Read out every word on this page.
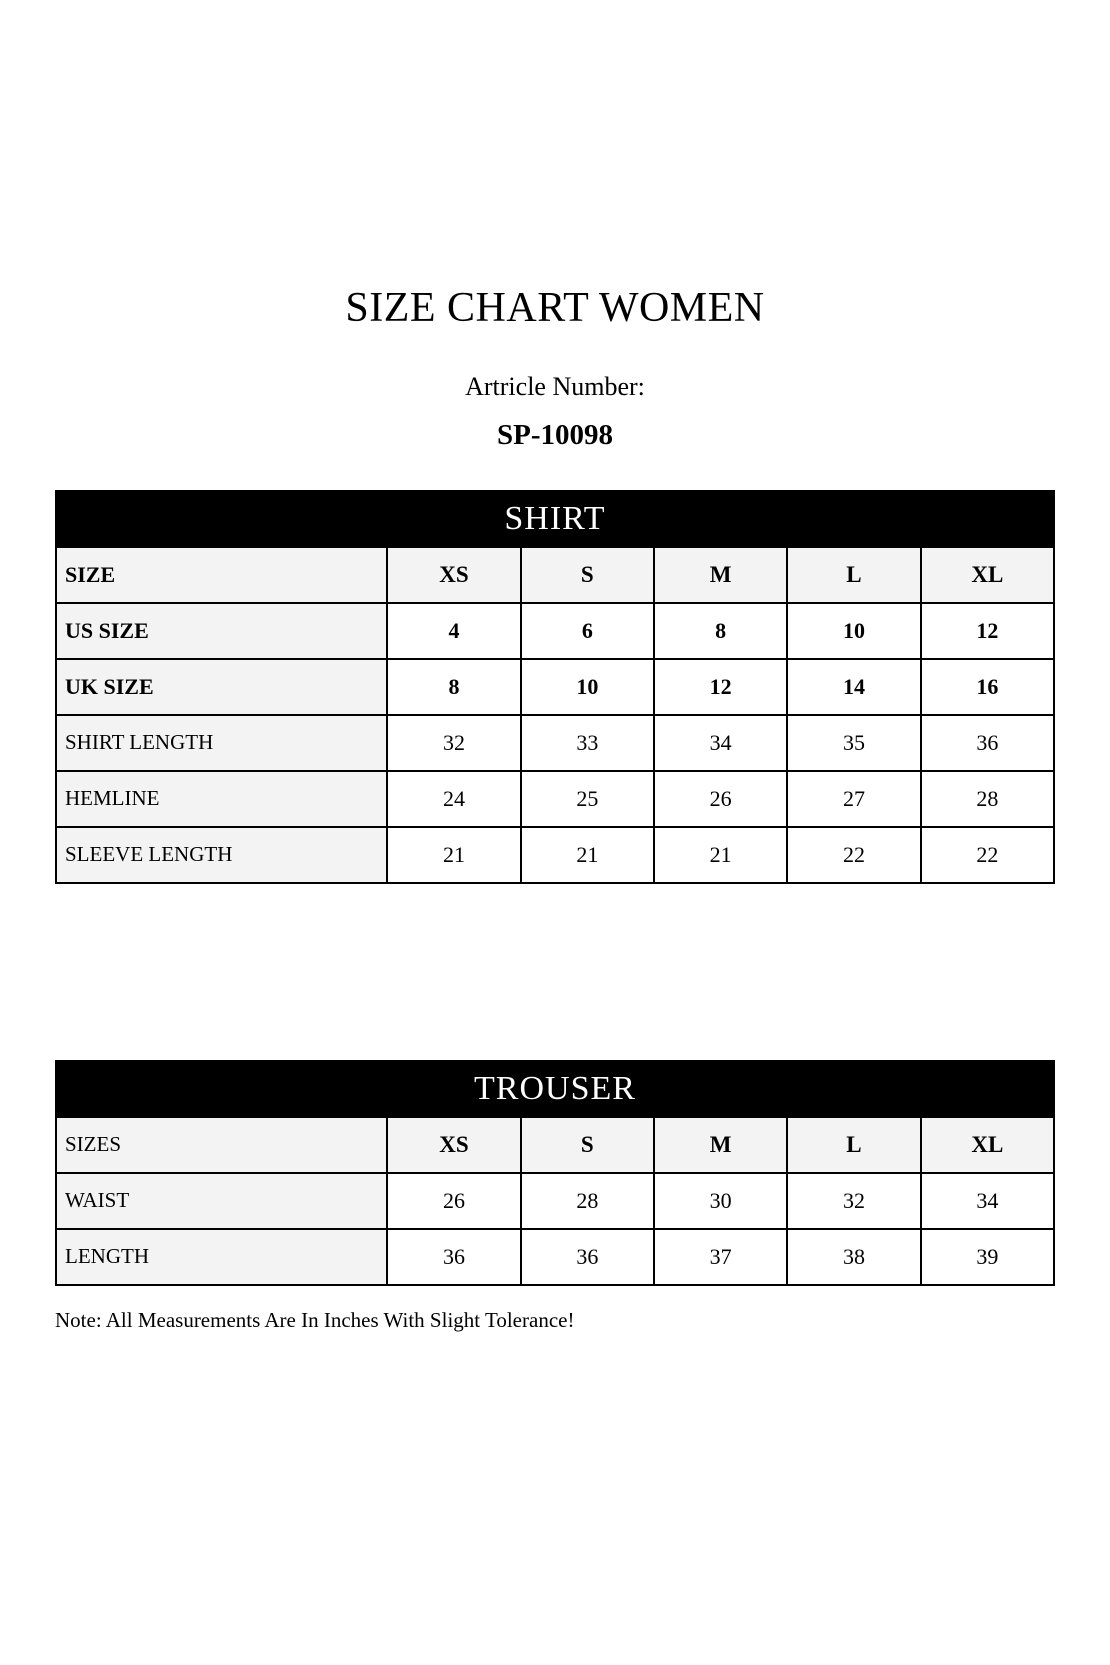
SIZE CHART WOMEN

Artricle Number:

SP-10098

SHIRT					
SIZE	XS	S	M	L	XL
US SIZE	4	6	8	10	12
UK SIZE	8	10	12	14	16
SHIRT LENGTH	32	33	34	35	36
HEMLINE	24	25	26	27	28
SLEEVE LENGTH	21	21	21	22	22
TROUSER					
SIZES	XS	S	M	L	XL
WAIST	26	28	30	32	34
LENGTH	36	36	37	38	39
Note: All Measurements Are In Inches With Slight Tolerance!
